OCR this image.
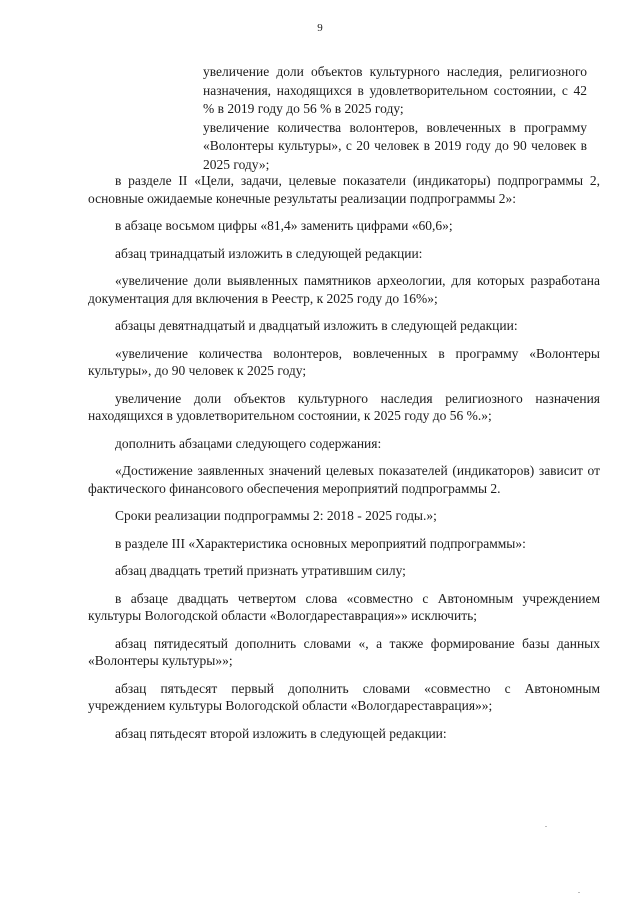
9

увеличение доли объектов культурного наследия, религиозного назначения, находящихся в удовлетворительном состоянии, с 42 % в 2019 году до 56 % в 2025 году;

увеличение количества волонтеров, вовлеченных в программу «Волонтеры культуры», с 20 человек в 2019 году до 90 человек в 2025 году»;

в разделе II «Цели, задачи, целевые показатели (индикаторы) подпрограммы 2, основные ожидаемые конечные результаты реализации подпрограммы 2»:

в абзаце восьмом цифры «81,4» заменить цифрами «60,6»;

абзац тринадцатый изложить в следующей редакции:

«увеличение доли выявленных памятников археологии, для которых разработана документация для включения в Реестр, к 2025 году до 16%»;

абзацы девятнадцатый и двадцатый изложить в следующей редакции:

«увеличение количества волонтеров, вовлеченных в программу «Волонтеры культуры», до 90 человек к 2025 году;

увеличение доли объектов культурного наследия религиозного назначения находящихся в удовлетворительном состоянии, к 2025 году до 56 %.»;

дополнить абзацами следующего содержания:

«Достижение заявленных значений целевых показателей (индикаторов) зависит от фактического финансового обеспечения мероприятий подпрограммы 2.

Сроки реализации подпрограммы 2: 2018 - 2025 годы.»;

в разделе III «Характеристика основных мероприятий подпрограммы»:

абзац двадцать третий признать утратившим силу;

в абзаце двадцать четвертом слова «совместно с Автономным учреждением культуры Вологодской области «Вологдареставрация»» исключить;

абзац пятидесятый дополнить словами «, а также формирование базы данных «Волонтеры культуры»»;

абзац пятьдесят первый дополнить словами «совместно с Автономным учреждением культуры Вологодской области «Вологдареставрация»»;

абзац пятьдесят второй изложить в следующей редакции:
